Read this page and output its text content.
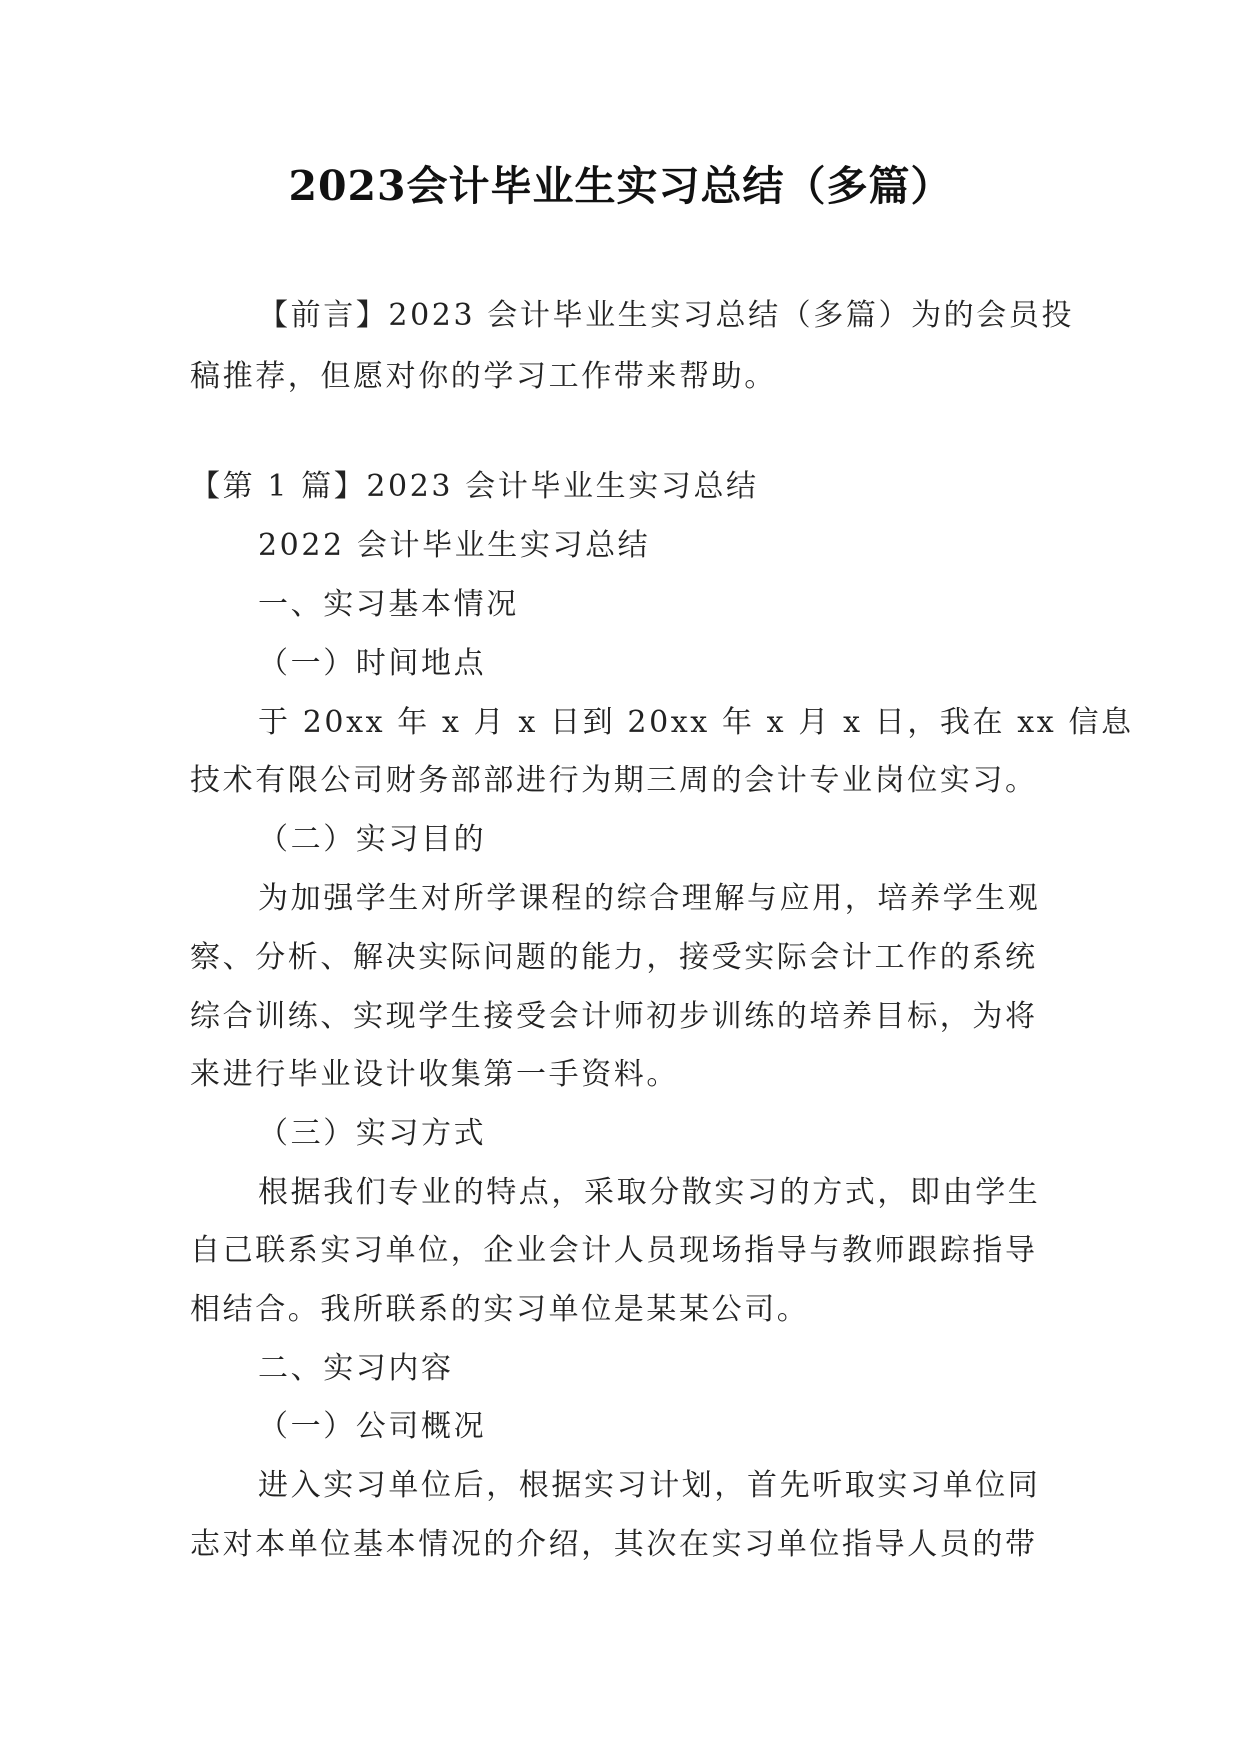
2023会计毕业生实习总结（多篇）
【前言】2023 会计毕业生实习总结（多篇）为的会员投
稿推荐，但愿对你的学习工作带来帮助。
【第 1 篇】2023 会计毕业生实习总结
2022 会计毕业生实习总结
一、实习基本情况
（一）时间地点
于 20xx 年 x 月 x 日到 20xx 年 x 月 x 日，我在 xx 信息
技术有限公司财务部部进行为期三周的会计专业岗位实习。
（二）实习目的
为加强学生对所学课程的综合理解与应用，培养学生观
察、分析、解决实际问题的能力，接受实际会计工作的系统
综合训练、实现学生接受会计师初步训练的培养目标，为将
来进行毕业设计收集第一手资料。
（三）实习方式
根据我们专业的特点，采取分散实习的方式，即由学生
自己联系实习单位，企业会计人员现场指导与教师跟踪指导
相结合。我所联系的实习单位是某某公司。
二、实习内容
（一）公司概况
进入实习单位后，根据实习计划，首先听取实习单位同
志对本单位基本情况的介绍，其次在实习单位指导人员的带
